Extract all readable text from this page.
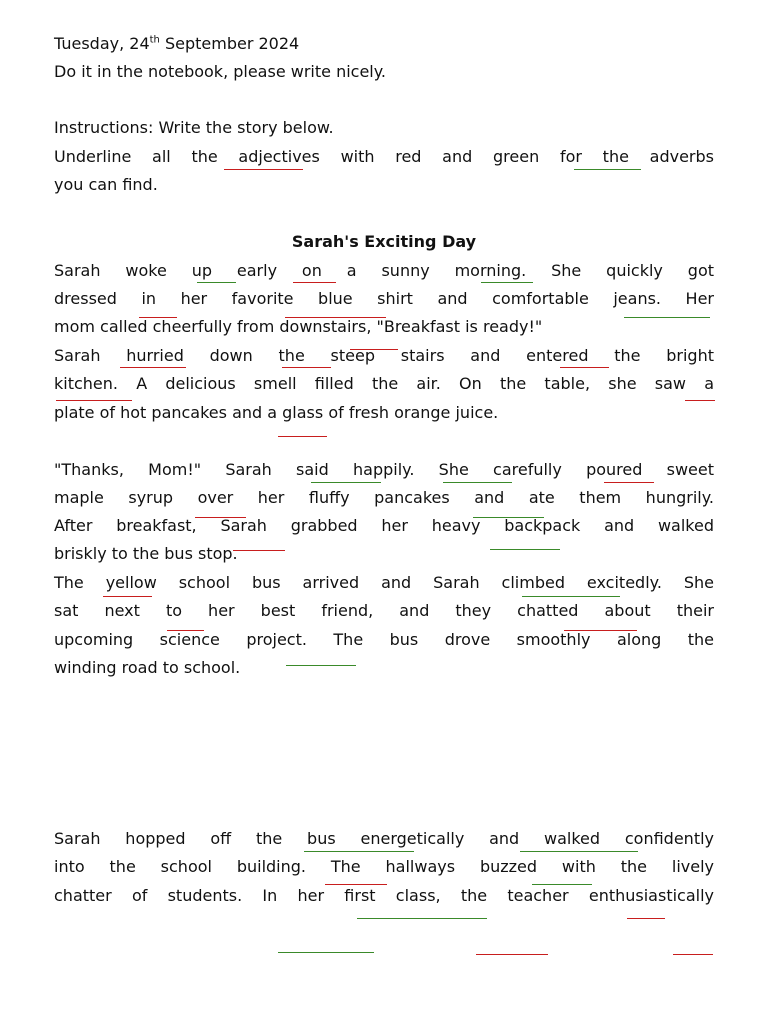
Tuesday, 24th September 2024
Do it in the notebook, please write nicely.
Instructions: Write the story below.
Underline all the adjectives with red and green for the adverbs
you can find.
Sarah's Exciting Day
Sarah woke up early on a sunny morning. She quickly got
dressed in her favorite blue shirt and comfortable jeans. Her
mom called cheerfully from downstairs, "Breakfast is ready!"
Sarah hurried down the steep stairs and entered the bright
kitchen. A delicious smell filled the air. On the table, she saw a
plate of hot pancakes and a glass of fresh orange juice.
"Thanks, Mom!" Sarah said happily. She carefully poured sweet
maple syrup over her fluffy pancakes and ate them hungrily.
After breakfast, Sarah grabbed her heavy backpack and walked
briskly to the bus stop.
The yellow school bus arrived and Sarah climbed excitedly. She
sat next to her best friend, and they chatted about their
upcoming science project. The bus drove smoothly along the
winding road to school.
Sarah hopped off the bus energetically and walked confidently
into the school building. The hallways buzzed with the lively
chatter of students. In her first class, the teacher enthusiastically
